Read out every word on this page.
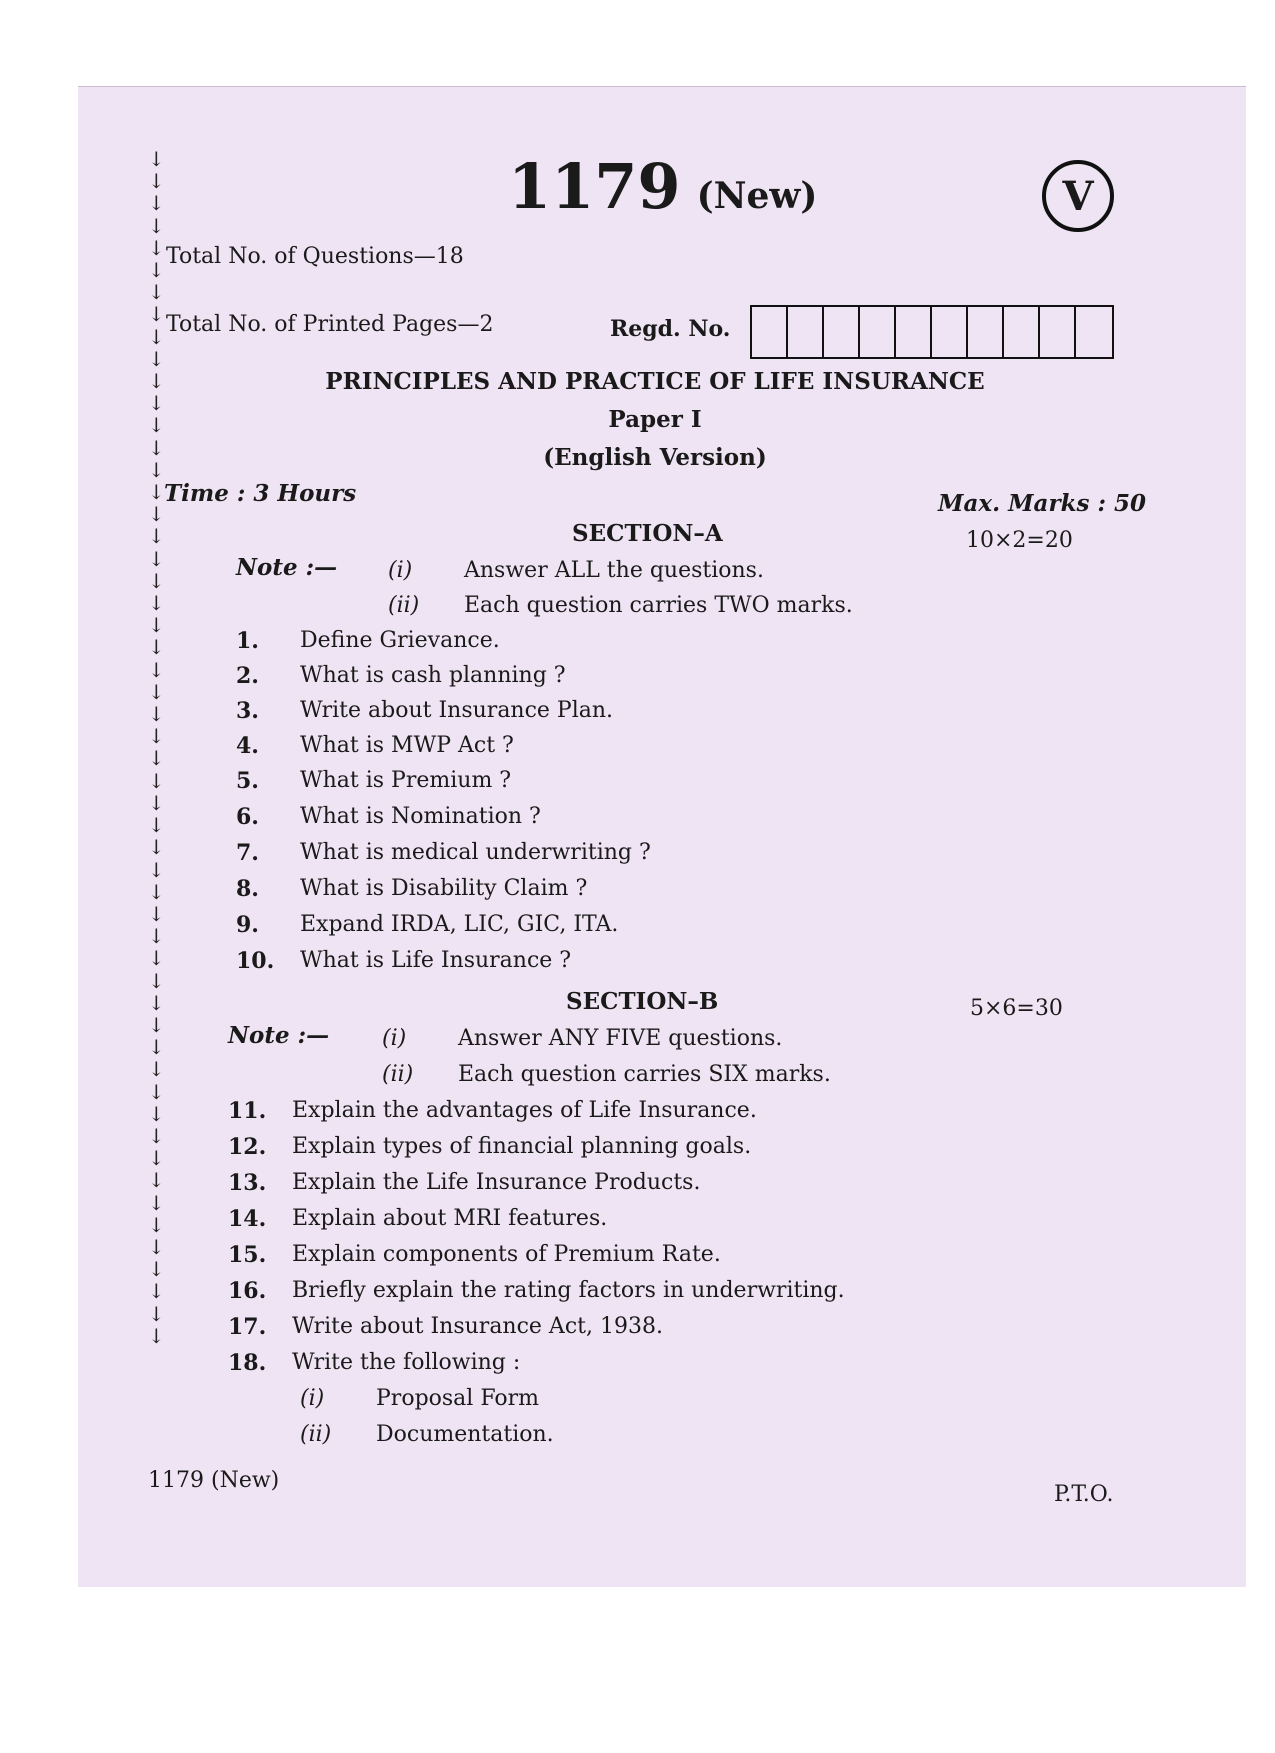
↓
↓
↓
↓
↓
↓
↓
↓
↓
↓
↓
↓
↓
↓
↓
↓
↓
↓
↓
↓
↓
↓
↓
↓
↓
↓
↓
↓
↓
↓
↓
↓
↓
↓
↓
↓
↓
↓
↓
↓
↓
↓
↓
↓
↓
↓
↓
↓
↓
↓
↓
↓
↓
↓
1179 (New)	V
Total No. of Questions—18
Total No. of Printed Pages—2	Regd. No.
PRINCIPLES AND PRACTICE OF LIFE INSURANCE
Paper I
(English Version)
Time : 3 Hours	Max. Marks : 50
SECTION–A	10×2=20
Note :— (i)	Answer ALL the questions.
(ii)	Each question carries TWO marks.
1.	Define Grievance.
2.	What is cash planning ?
3.	Write about Insurance Plan.
4.	What is MWP Act ?
5.	What is Premium ?
6.	What is Nomination ?
7.	What is medical underwriting ?
8.	What is Disability Claim ?
9.	Expand IRDA, LIC, GIC, ITA.
10.	What is Life Insurance ?
SECTION–B	5×6=30
Note :— (i)	Answer ANY FIVE questions.
(ii)	Each question carries SIX marks.
11.	Explain the advantages of Life Insurance.
12.	Explain types of financial planning goals.
13.	Explain the Life Insurance Products.
14.	Explain about MRI features.
15.	Explain components of Premium Rate.
16.	Briefly explain the rating factors in underwriting.
17.	Write about Insurance Act, 1938.
18.	Write the following :
(i)	Proposal Form
(ii)	Documentation.
1179 (New)
P.T.O.
